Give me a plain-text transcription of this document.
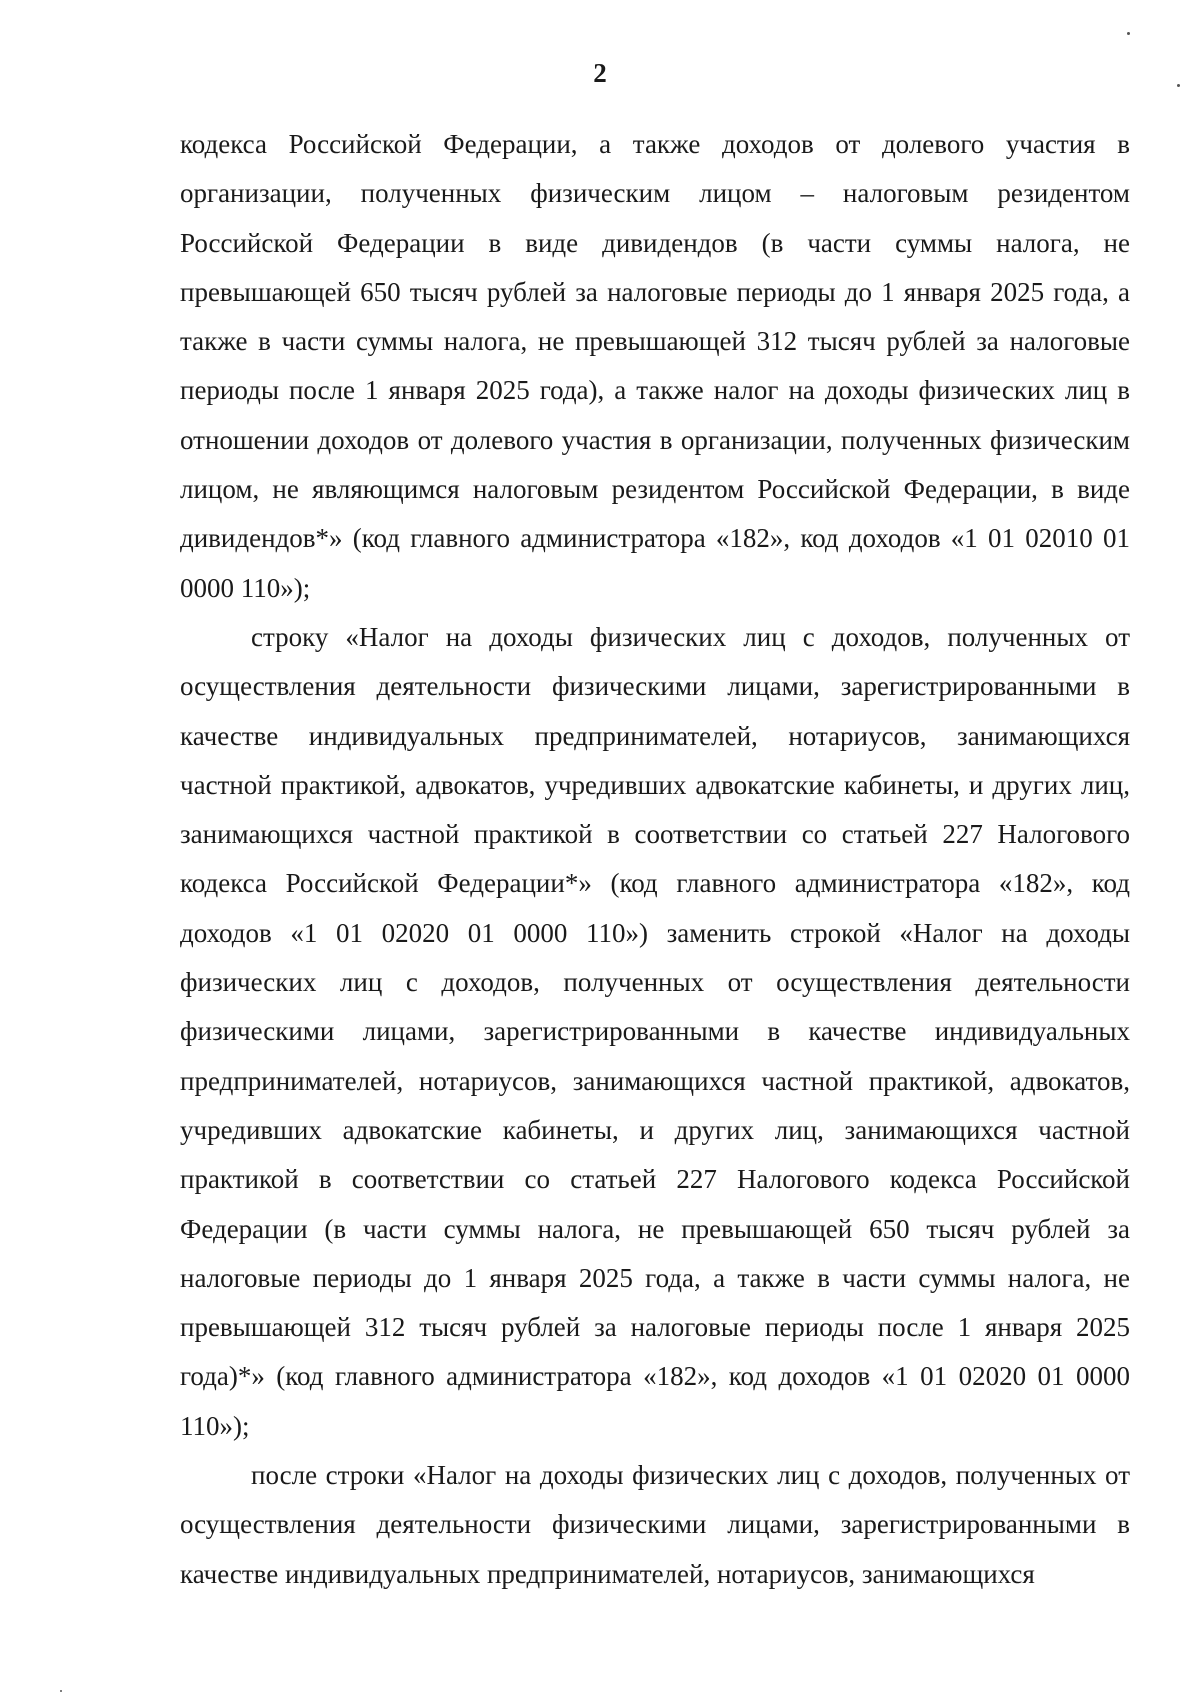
2

кодекса Российской Федерации, а также доходов от долевого участия в организации, полученных физическим лицом – налоговым резидентом Российской Федерации в виде дивидендов (в части суммы налога, не превышающей 650 тысяч рублей за налоговые периоды до 1 января 2025 года, а также в части суммы налога, не превышающей 312 тысяч рублей за налоговые периоды после 1 января 2025 года), а также налог на доходы физических лиц в отношении доходов от долевого участия в организации, полученных физическим лицом, не являющимся налоговым резидентом Российской Федерации, в виде дивидендов*» (код главного администратора «182», код доходов «1 01 02010 01 0000 110»);

строку «Налог на доходы физических лиц с доходов, полученных от осуществления деятельности физическими лицами, зарегистрированными в качестве индивидуальных предпринимателей, нотариусов, занимающихся частной практикой, адвокатов, учредивших адвокатские кабинеты, и других лиц, занимающихся частной практикой в соответствии со статьей 227 Налогового кодекса Российской Федерации*» (код главного администратора «182», код доходов «1 01 02020 01 0000 110») заменить строкой «Налог на доходы физических лиц с доходов, полученных от осуществления деятельности физическими лицами, зарегистрированными в качестве индивидуальных предпринимателей, нотариусов, занимающихся частной практикой, адвокатов, учредивших адвокатские кабинеты, и других лиц, занимающихся частной практикой в соответствии со статьей 227 Налогового кодекса Российской Федерации (в части суммы налога, не превышающей 650 тысяч рублей за налоговые периоды до 1 января 2025 года, а также в части суммы налога, не превышающей 312 тысяч рублей за налоговые периоды после 1 января 2025 года)*» (код главного администратора «182», код доходов «1 01 02020 01 0000 110»);

после строки «Налог на доходы физических лиц с доходов, полученных от осуществления деятельности физическими лицами, зарегистрированными в качестве индивидуальных предпринимателей, нотариусов, занимающихся
